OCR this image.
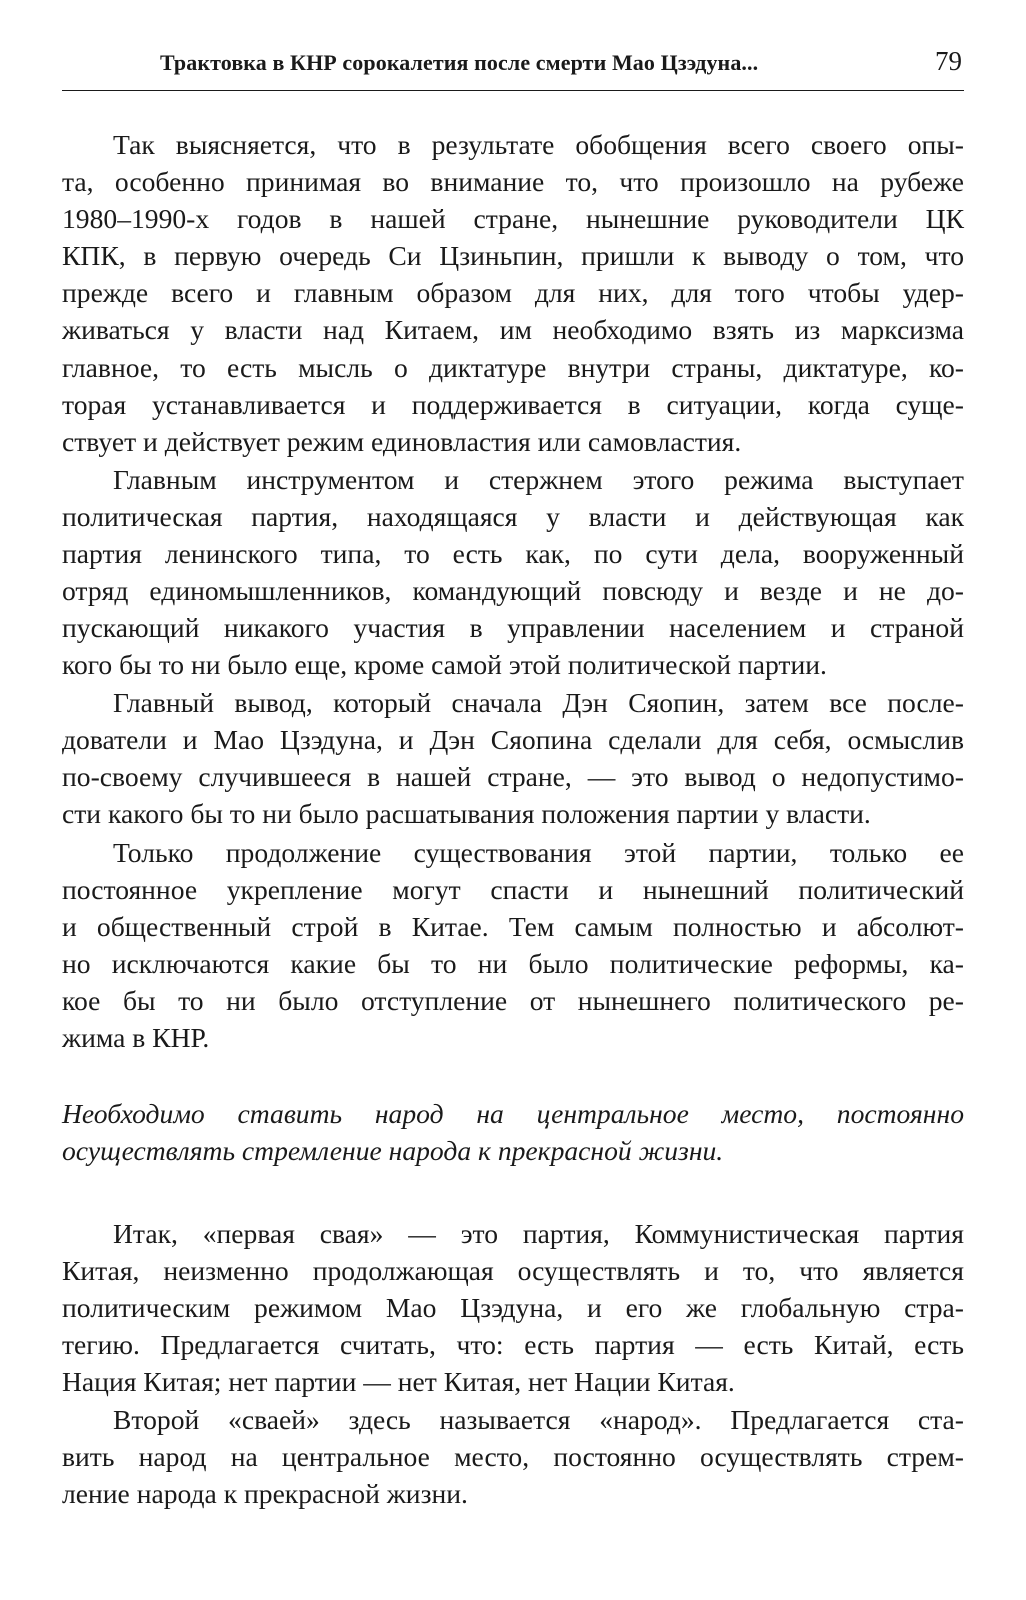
Трактовка в КНР сорокалетия после смерти Мао Цзэдуна...	79
Так выясняется, что в результате обобщения всего своего опы-
та, особенно принимая во внимание то, что произошло на рубеже
1980–1990-х годов в нашей стране, нынешние руководители ЦК
КПК, в первую очередь Си Цзиньпин, пришли к выводу о том, что
прежде всего и главным образом для них, для того чтобы удер-
живаться у власти над Китаем, им необходимо взять из марксизма
главное, то есть мысль о диктатуре внутри страны, диктатуре, ко-
торая устанавливается и поддерживается в ситуации, когда суще-
ствует и действует режим единовластия или самовластия.
Главным инструментом и стержнем этого режима выступает
политическая партия, находящаяся у власти и действующая как
партия ленинского типа, то есть как, по сути дела, вооруженный
отряд единомышленников, командующий повсюду и везде и не до-
пускающий никакого участия в управлении населением и страной
кого бы то ни было еще, кроме самой этой политической партии.
Главный вывод, который сначала Дэн Сяопин, затем все после-
дователи и Мао Цзэдуна, и Дэн Сяопина сделали для себя, осмыслив
по-своему случившееся в нашей стране, — это вывод о недопустимо-
сти какого бы то ни было расшатывания положения партии у власти.
Только продолжение существования этой партии, только ее
постоянное укрепление могут спасти и нынешний политический
и общественный строй в Китае. Тем самым полностью и абсолют-
но исключаются какие бы то ни было политические реформы, ка-
кое бы то ни было отступление от нынешнего политического ре-
жима в КНР.
Необходимо ставить народ на центральное место, постоянно
осуществлять стремление народа к прекрасной жизни.
Итак, «первая свая» — это партия, Коммунистическая партия
Китая, неизменно продолжающая осуществлять и то, что является
политическим режимом Мао Цзэдуна, и его же глобальную стра-
тегию. Предлагается считать, что: есть партия — есть Китай, есть
Нация Китая; нет партии — нет Китая, нет Нации Китая.
Второй «сваей» здесь называется «народ». Предлагается ста-
вить народ на центральное место, постоянно осуществлять стрем-
ление народа к прекрасной жизни.
